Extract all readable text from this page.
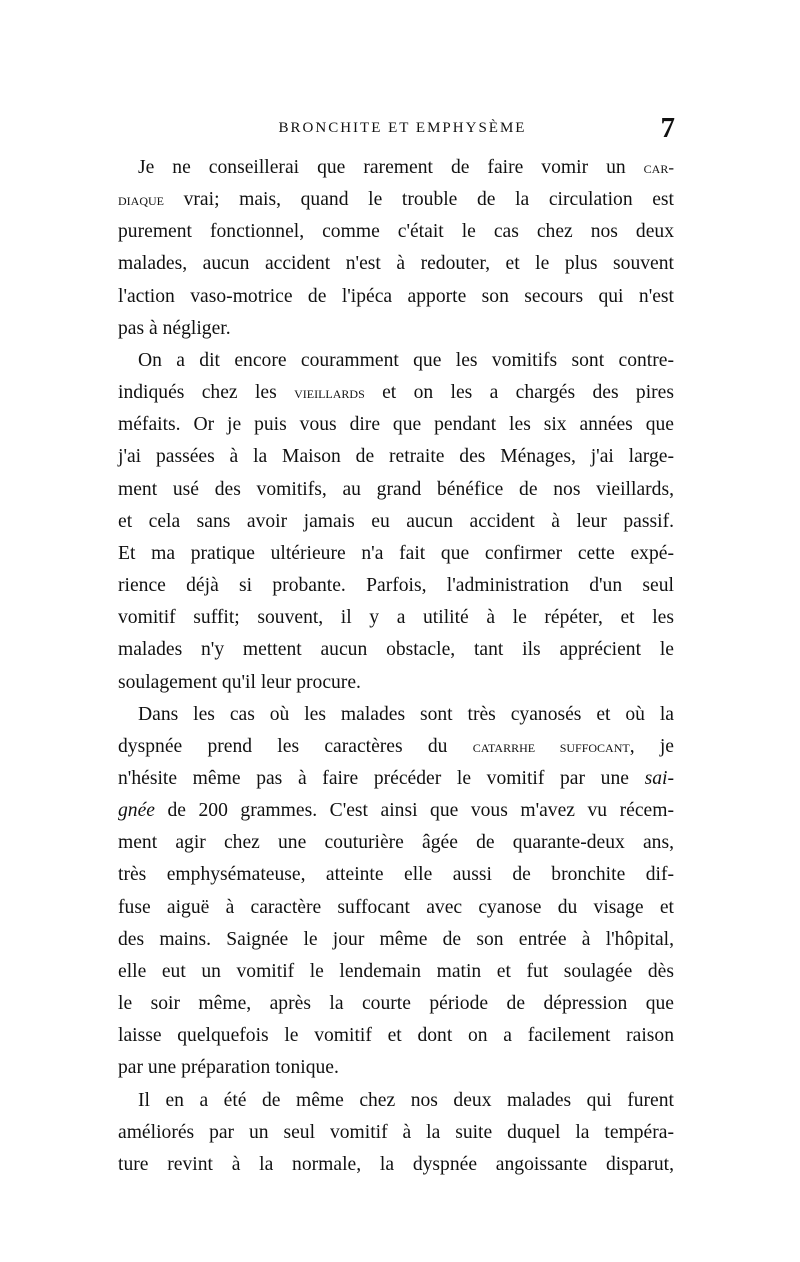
BRONCHITE ET EMPHYSÈME	7
Je ne conseillerai que rarement de faire vomir un car-
diaque vrai; mais, quand le trouble de la circulation est
purement fonctionnel, comme c'était le cas chez nos deux
malades, aucun accident n'est à redouter, et le plus souvent
l'action vaso-motrice de l'ipéca apporte son secours qui n'est
pas à négliger.
On a dit encore couramment que les vomitifs sont contre-
indiqués chez les vieillards et on les a chargés des pires
méfaits. Or je puis vous dire que pendant les six années que
j'ai passées à la Maison de retraite des Ménages, j'ai large-
ment usé des vomitifs, au grand bénéfice de nos vieillards,
et cela sans avoir jamais eu aucun accident à leur passif.
Et ma pratique ultérieure n'a fait que confirmer cette expé-
rience déjà si probante. Parfois, l'administration d'un seul
vomitif suffit; souvent, il y a utilité à le répéter, et les
malades n'y mettent aucun obstacle, tant ils apprécient le
soulagement qu'il leur procure.
Dans les cas où les malades sont très cyanosés et où la
dyspnée prend les caractères du catarrhe suffocant, je
n'hésite même pas à faire précéder le vomitif par une sai-
gnée de 200 grammes. C'est ainsi que vous m'avez vu récem-
ment agir chez une couturière âgée de quarante-deux ans,
très emphysémateuse, atteinte elle aussi de bronchite dif-
fuse aiguë à caractère suffocant avec cyanose du visage et
des mains. Saignée le jour même de son entrée à l'hôpital,
elle eut un vomitif le lendemain matin et fut soulagée dès
le soir même, après la courte période de dépression que
laisse quelquefois le vomitif et dont on a facilement raison
par une préparation tonique.
Il en a été de même chez nos deux malades qui furent
améliorés par un seul vomitif à la suite duquel la tempéra-
ture revint à la normale, la dyspnée angoissante disparut,
